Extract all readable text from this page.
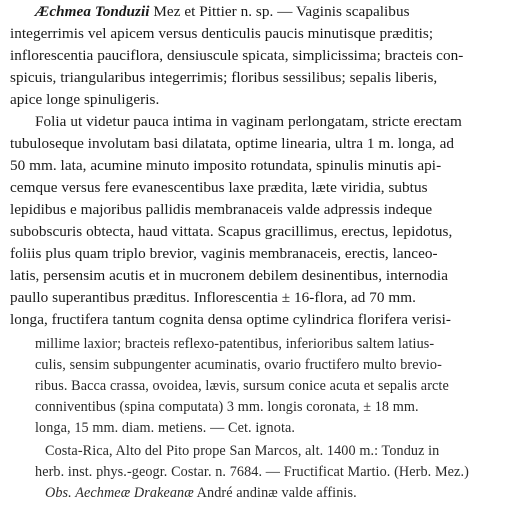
Æchmea Tonduzii Mez et Pittier n. sp. — Vaginis scapalibus
integerrimis vel apicem versus denticulis paucis minutisque præditis;
inflorescentia pauciflora, densiuscule spicata, simplicissima; bracteis con-
spicuis, triangularibus integerrimis; floribus sessilibus; sepalis liberis,
apice longe spinuligeris.
Folia ut videtur pauca intima in vaginam perlongatam, stricte erectam
tubuloseque involutam basi dilatata, optime linearia, ultra 1 m. longa, ad
50 mm. lata, acumine minuto imposito rotundata, spinulis minutis api-
cemque versus fere evanescentibus laxe prædita, læte viridia, subtus
lepidibus e majoribus pallidis membranaceis valde adpressis indeque
subobscuris obtecta, haud vittata. Scapus gracillimus, erectus, lepidotus,
foliis plus quam triplo brevior, vaginis membranaceis, erectis, lanceo-
latis, persensim acutis et in mucronem debilem desinentibus, internodia
paullo superantibus præditus. Inflorescentia ± 16-flora, ad 70 mm.
longa, fructifera tantum cognita densa optime cylindrica florifera verisi-
millime laxior; bracteis reflexo-patentibus, inferioribus saltem latius-
culis, sensim subpungenter acuminatis, ovario fructifero multo brevio-
ribus. Bacca crassa, ovoidea, lævis, sursum conice acuta et sepalis arcte
conniventibus (spina computata) 3 mm. longis coronata, ± 18 mm.
longa, 15 mm. diam. metiens. — Cet. ignota.
Costa-Rica, Alto del Pito prope San Marcos, alt. 1400 m.: Tonduz in
herb. inst. phys.-geogr. Costar. n. 7684. — Fructificat Martio. (Herb. Mez.)
Obs. Aechmeæ Drakeanæ André andinæ valde affinis.
